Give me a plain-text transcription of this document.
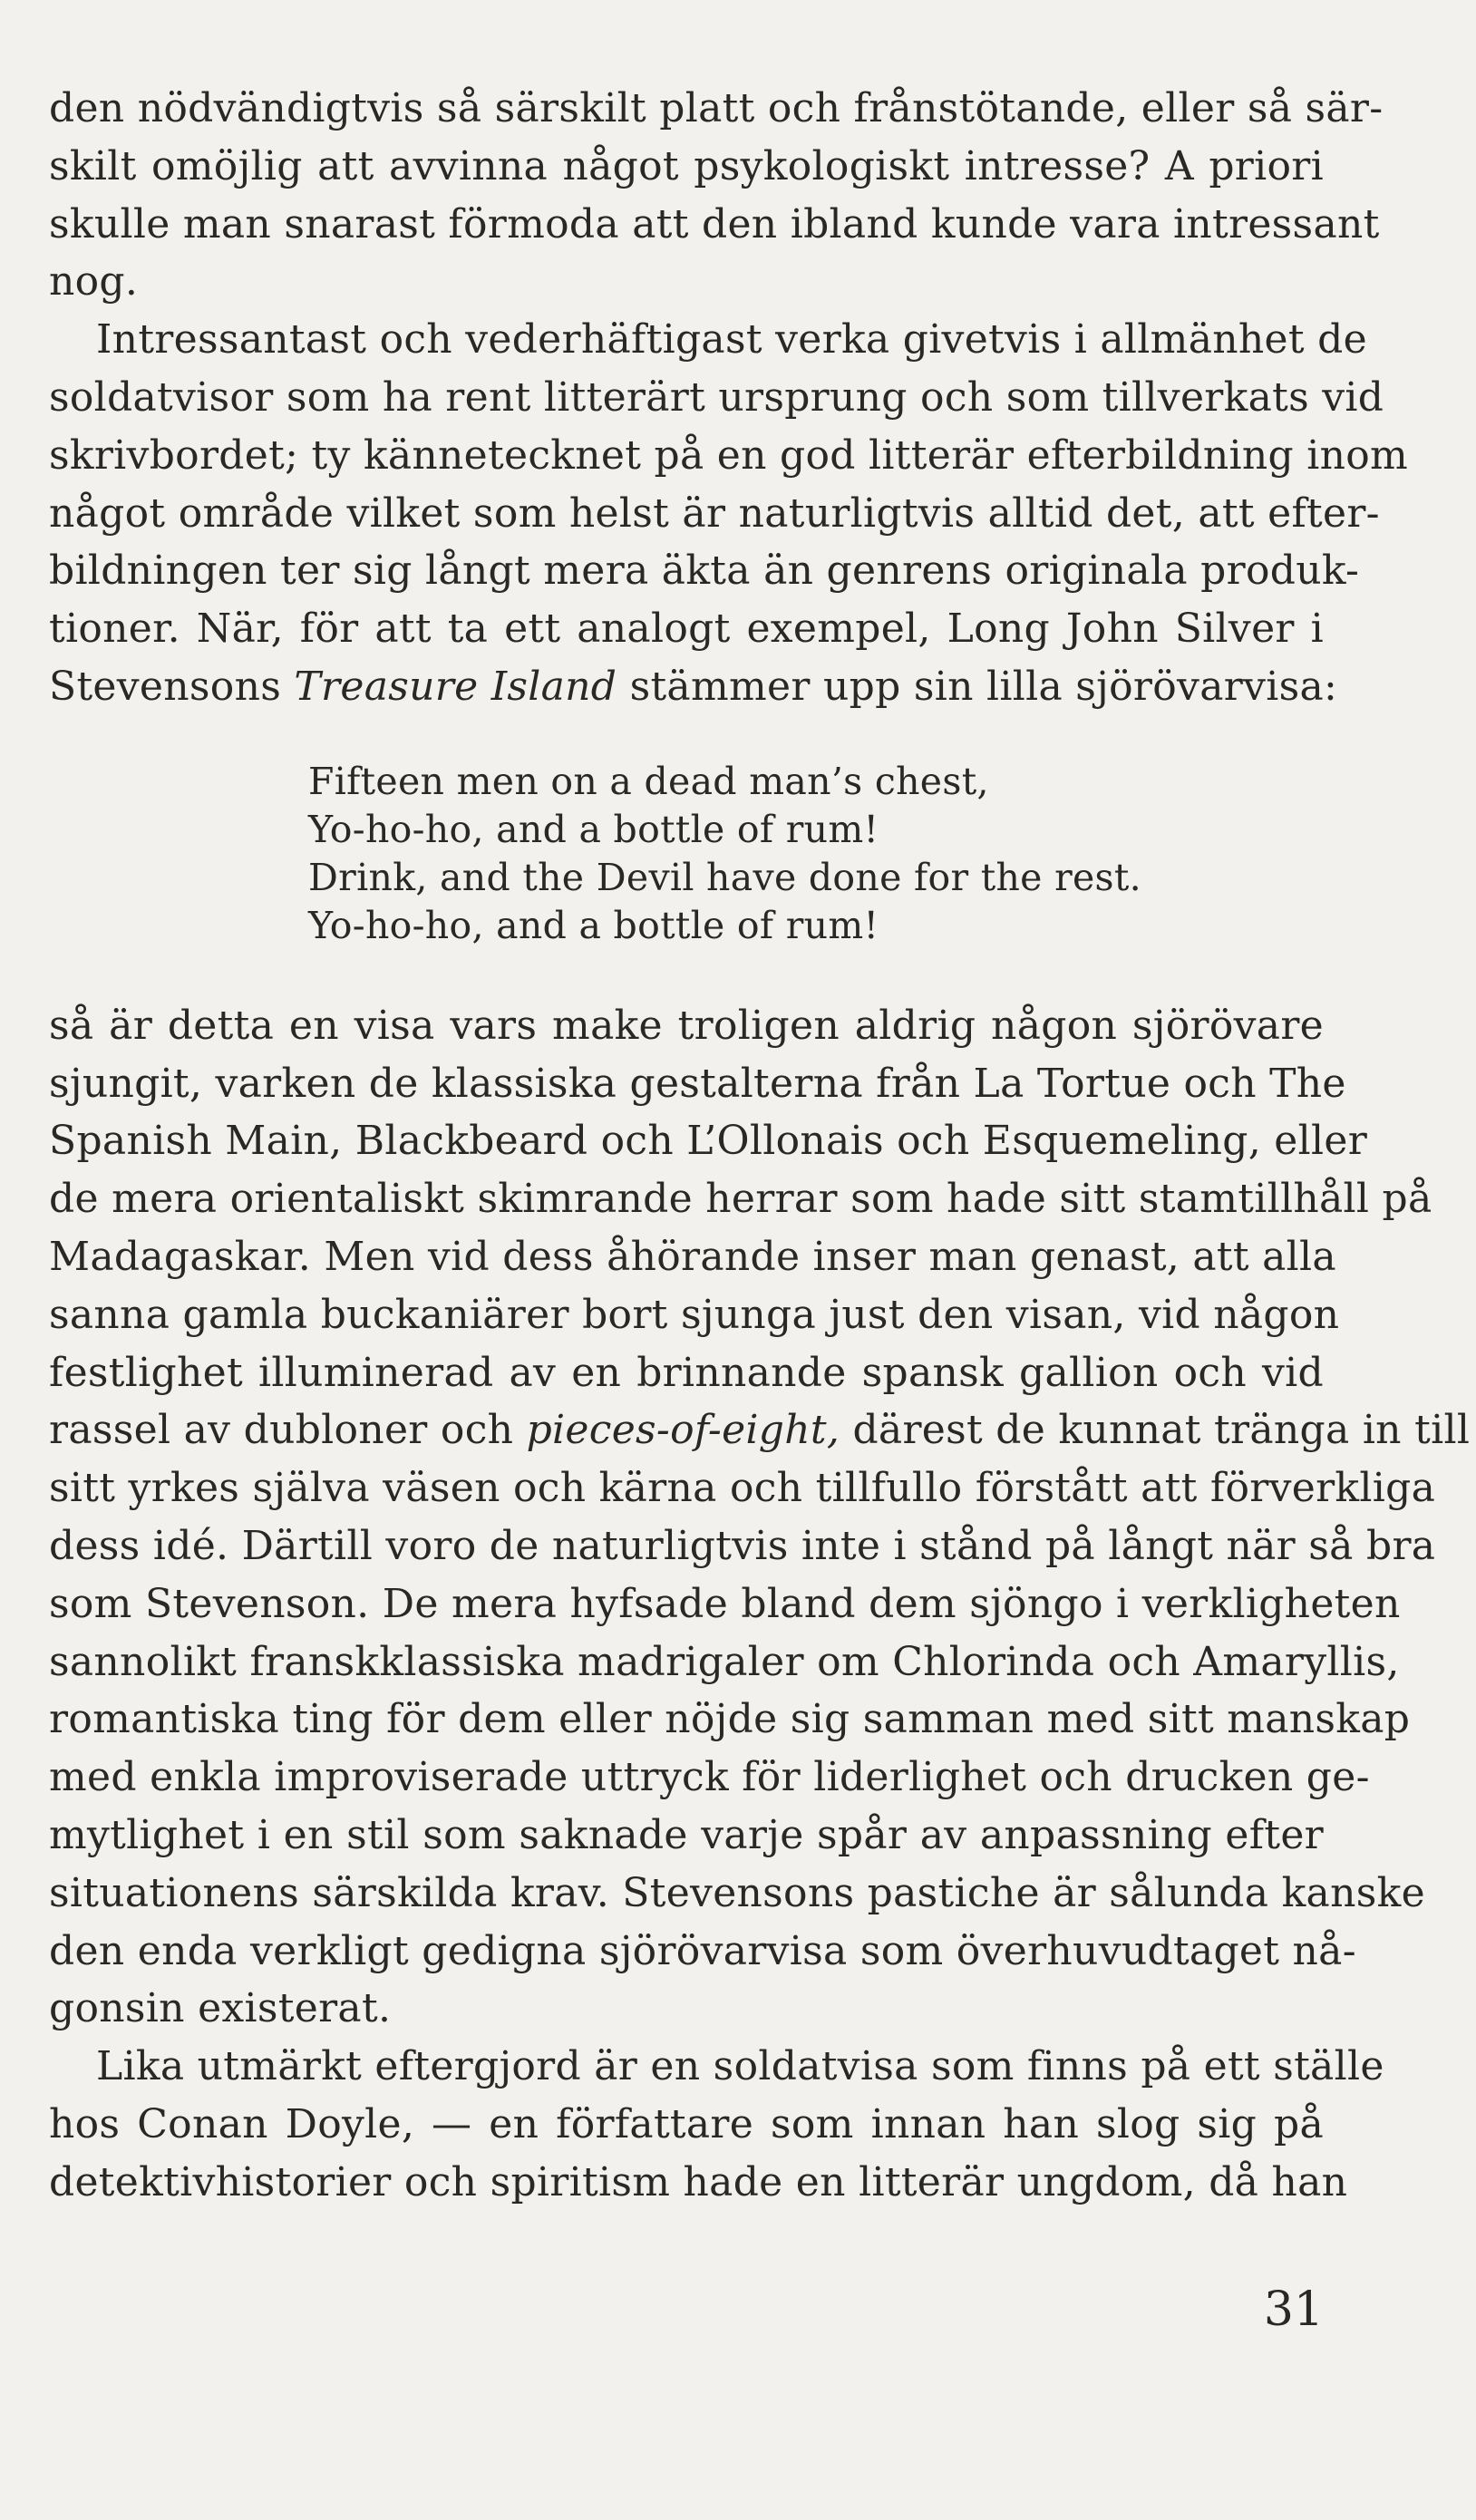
den nödvändigtvis så särskilt platt och frånstötande, eller så sär-
skilt omöjlig att avvinna något psykologiskt intresse? A priori
skulle man snarast förmoda att den ibland kunde vara intressant
nog.
Intressantast och vederhäftigast verka givetvis i allmänhet de
soldatvisor som ha rent litterärt ursprung och som tillverkats vid
skrivbordet; ty kännetecknet på en god litterär efterbildning inom
något område vilket som helst är naturligtvis alltid det, att efter-
bildningen ter sig långt mera äkta än genrens originala produk-
tioner. När, för att ta ett analogt exempel, Long John Silver i
Stevensons Treasure Island stämmer upp sin lilla sjörövarvisa:
Fifteen men on a dead man’s chest,
Yo-ho-ho, and a bottle of rum!
Drink, and the Devil have done for the rest.
Yo-ho-ho, and a bottle of rum!
så är detta en visa vars make troligen aldrig någon sjörövare
sjungit, varken de klassiska gestalterna från La Tortue och The
Spanish Main, Blackbeard och L’Ollonais och Esquemeling, eller
de mera orientaliskt skimrande herrar som hade sitt stamtillhåll på
Madagaskar. Men vid dess åhörande inser man genast, att alla
sanna gamla buckaniärer bort sjunga just den visan, vid någon
festlighet illuminerad av en brinnande spansk gallion och vid
rassel av dubloner och pieces-of-eight, därest de kunnat tränga in till
sitt yrkes själva väsen och kärna och tillfullo förstått att förverkliga
dess idé. Därtill voro de naturligtvis inte i stånd på långt när så bra
som Stevenson. De mera hyfsade bland dem sjöngo i verkligheten
sannolikt franskklassiska madrigaler om Chlorinda och Amaryllis,
romantiska ting för dem eller nöjde sig samman med sitt manskap
med enkla improviserade uttryck för liderlighet och drucken ge-
mytlighet i en stil som saknade varje spår av anpassning efter
situationens särskilda krav. Stevensons pastiche är sålunda kanske
den enda verkligt gedigna sjörövarvisa som överhuvudtaget nå-
gonsin existerat.
Lika utmärkt eftergjord är en soldatvisa som finns på ett ställe
hos Conan Doyle, — en författare som innan han slog sig på
detektivhistorier och spiritism hade en litterär ungdom, då han
31
